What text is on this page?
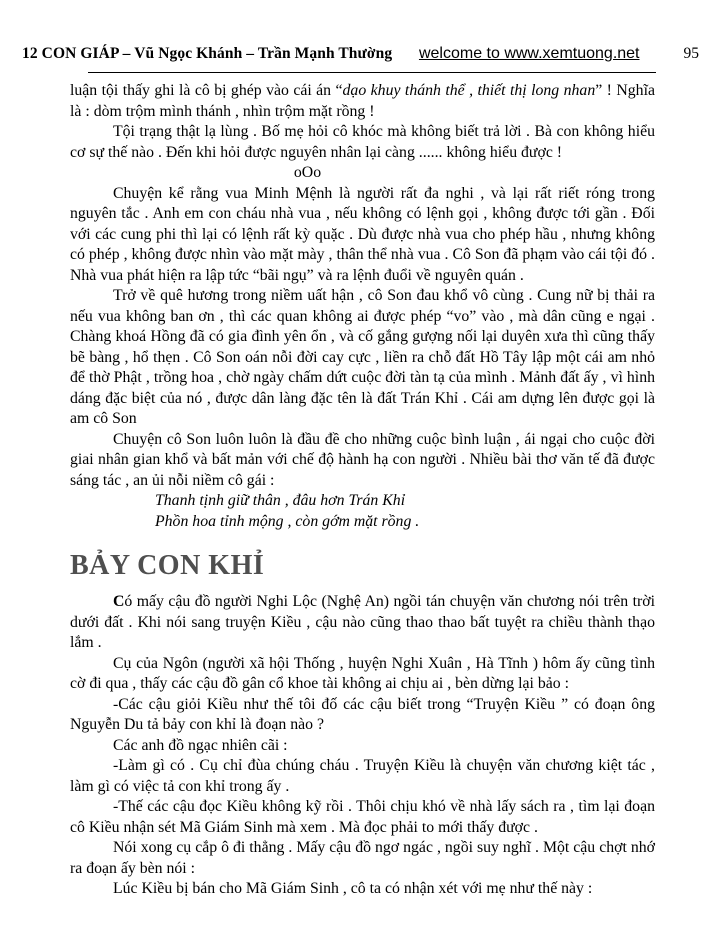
12 CON GIÁP – Vũ Ngọc Khánh – Trần Mạnh Thường welcome to www.xemtuong.net	95

luận tội thấy ghi là cô bị ghép vào cái án “dạo khuy thánh thể , thiết thị long nhan” ! Nghĩa là : dòm trộm mình thánh , nhìn trộm mặt rồng !

Tội trạng thật lạ lùng . Bố mẹ hỏi cô khóc mà không biết trả lời . Bà con không hiểu cơ sự thế nào . Đến khi hỏi được nguyên nhân lại càng ...... không hiểu được !

oOo

Chuyện kể rằng vua Minh Mệnh là người rất đa nghi , và lại rất riết róng trong nguyên tắc . Anh em con cháu nhà vua , nếu không có lệnh gọi , không được tới gần . Đối với các cung phi thì lại có lệnh rất kỳ quặc . Dù được nhà vua cho phép hầu , nhưng không có phép , không được nhìn vào mặt mày , thân thể nhà vua . Cô Son đã phạm vào cái tội đó . Nhà vua phát hiện ra lập tức “bãi ngụ” và ra lệnh đuổi về nguyên quán .

Trở về quê hương trong niềm uất hận , cô Son đau khổ vô cùng . Cung nữ bị thải ra nếu vua không ban ơn , thì các quan không ai được phép “vo” vào , mà dân cũng e ngại . Chàng khoá Hồng đã có gia đình yên ổn , và cố gắng gượng nối lại duyên xưa thì cũng thấy bẽ bàng , hổ thẹn . Cô Son oán nỗi đời cay cực , liền ra chỗ đất Hồ Tây lập một cái am nhỏ để thờ Phật , trồng hoa , chờ ngày chấm dứt cuộc đời tàn tạ của mình . Mảnh đất ấy , vì hình dáng đặc biệt của nó , được dân làng đặc tên là đất Trán Khỉ . Cái am dựng lên được gọi là am cô Son

Chuyện cô Son luôn luôn là đầu đề cho những cuộc bình luận , ái ngại cho cuộc đời giai nhân gian khổ và bất mản với chế độ hành hạ con người . Nhiều bài thơ văn tế đã được sáng tác , an ủi nỗi niềm cô gái :

Thanh tịnh giữ thân , đâu hơn Trán Khỉ

Phồn hoa tỉnh mộng , còn gớm mặt rồng .

BẢY CON KHỈ

Có mấy cậu đồ người Nghi Lộc (Nghệ An) ngồi tán chuyện văn chương nói trên trời dưới đất . Khi nói sang truyện Kiều , cậu nào cũng thao thao bất tuyệt ra chiều thành thạo lắm .

Cụ của Ngôn (người xã hội Thống , huyện Nghi Xuân , Hà Tĩnh ) hôm ấy cũng tình cờ đi qua , thấy các cậu đồ gân cổ khoe tài không ai chịu ai , bèn dừng lại bảo :

-Các cậu giỏi Kiều như thế tôi đố các cậu biết trong “Truyện Kiều ” có đoạn ông Nguyễn Du tả bảy con khỉ là đoạn nào ?

Các anh đồ ngạc nhiên cãi :

-Làm gì có . Cụ chỉ đùa chúng cháu . Truyện Kiều là chuyện văn chương kiệt tác , làm gì có việc tả con khỉ trong ấy .

-Thế các cậu đọc Kiều không kỹ rồi . Thôi chịu khó về nhà lấy sách ra , tìm lại đoạn cô Kiều nhận sét Mã Giám Sinh mà xem . Mà đọc phải to mới thấy được .

Nói xong cụ cắp ô đi thẳng . Mấy cậu đồ ngơ ngác , ngồi suy nghĩ . Một cậu chợt nhớ ra đoạn ấy bèn nói :

Lúc Kiều bị bán cho Mã Giám Sinh , cô ta có nhận xét với mẹ như thế này :
